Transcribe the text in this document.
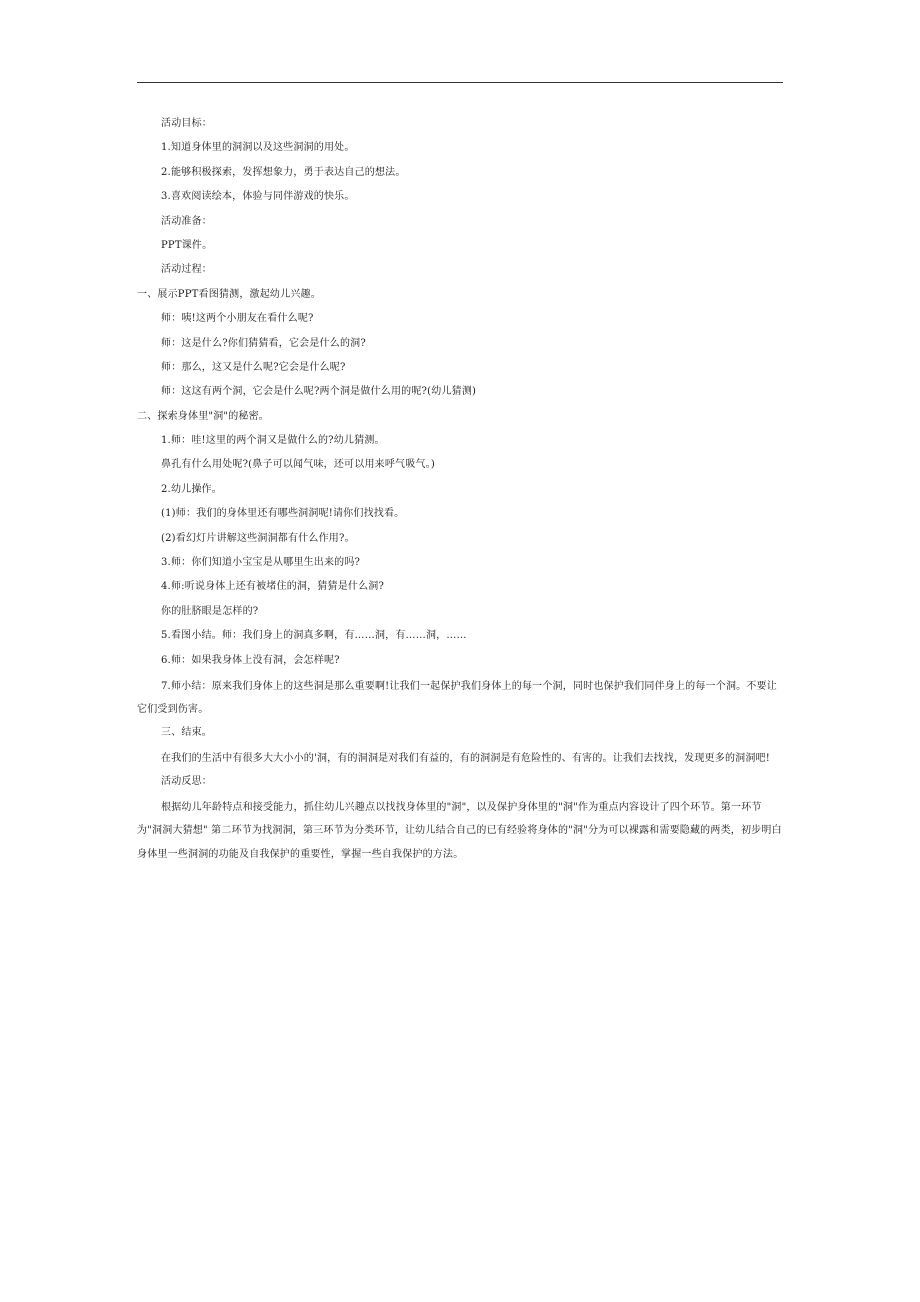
活动目标：
1.知道身体里的洞洞以及这些洞洞的用处。
2.能够积极探索，发挥想象力，勇于表达自己的想法。
3.喜欢阅读绘本，体验与同伴游戏的快乐。
活动准备：
PPT课件。
活动过程：
一、展示PPT看图猜测，激起幼儿兴趣。
师：咦!这两个小朋友在看什么呢?
师：这是什么?你们猜猜看，它会是什么的洞?
师：那么，这又是什么呢?它会是什么呢?
师：这这有两个洞，它会是什么呢?两个洞是做什么用的呢?(幼儿猜测)
二、探索身体里"洞"的秘密。
1.师：哇!这里的两个洞又是做什么的?幼儿猜测。
鼻孔有什么用处呢?(鼻子可以闻气味，还可以用来呼气吸气。)
2.幼儿操作。
(1)师：我们的身体里还有哪些洞洞呢!请你们找找看。
(2)看幻灯片讲解这些洞洞都有什么作用?。
3.师：你们知道小宝宝是从哪里生出来的吗?
4.师:听说身体上还有被堵住的洞，猜猜是什么洞?
你的肚脐眼是怎样的?
5.看图小结。师：我们身上的洞真多啊，有……洞，有……洞，……
6.师：如果我身体上没有洞，会怎样呢?

7.师小结：原来我们身体上的这些洞是那么重要啊!让我们一起保护我们身体上的每一个洞，同时也保护我们同伴身上的每一个洞。不要让它们受到伤害。

三、结束。

在我们的生活中有很多大大小小的'洞，有的洞洞是对我们有益的，有的洞洞是有危险性的、有害的。让我们去找找，发现更多的洞洞吧!

活动反思：

根据幼儿年龄特点和接受能力，抓住幼儿兴趣点以找找身体里的"洞"，以及保护身体里的"洞"作为重点内容设计了四个环节。第一环节为"洞洞大猜想" 第二环节为找洞洞，第三环节为分类环节，让幼儿结合自己的已有经验将身体的"洞"分为可以裸露和需要隐藏的两类，初步明白身体里一些洞洞的功能及自我保护的重要性，掌握一些自我保护的方法。
